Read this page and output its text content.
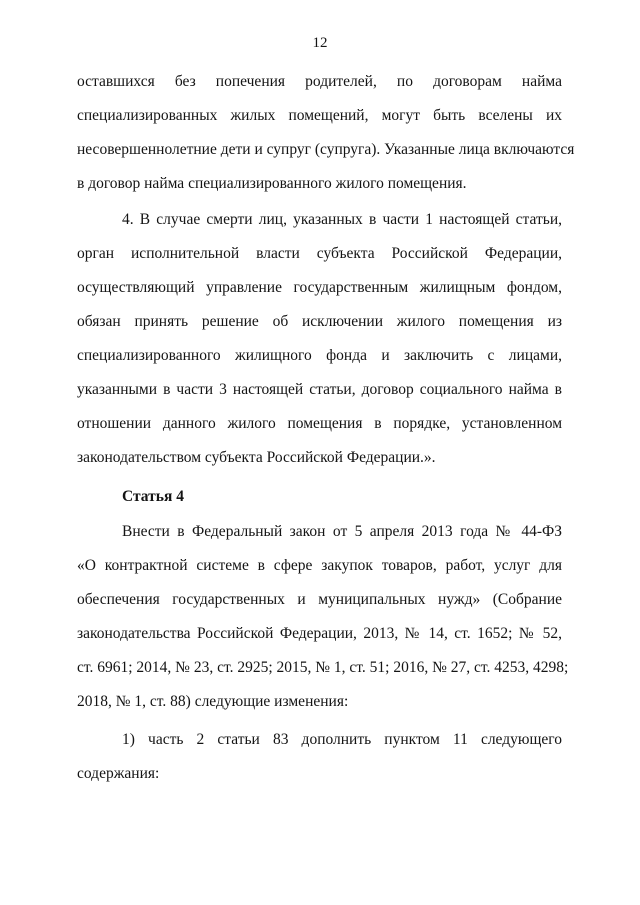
12
оставшихся без попечения родителей, по договорам найма
специализированных жилых помещений, могут быть вселены их
несовершеннолетние дети и супруг (супруга). Указанные лица включаются
в договор найма специализированного жилого помещения.
4. В случае смерти лиц, указанных в части 1 настоящей статьи,
орган исполнительной власти субъекта Российской Федерации,
осуществляющий управление государственным жилищным фондом,
обязан принять решение об исключении жилого помещения из
специализированного жилищного фонда и заключить с лицами,
указанными в части 3 настоящей статьи, договор социального найма в
отношении данного жилого помещения в порядке, установленном
законодательством субъекта Российской Федерации.».
Статья 4
Внести в Федеральный закон от 5 апреля 2013 года № 44-ФЗ
«О контрактной системе в сфере закупок товаров, работ, услуг для
обеспечения государственных и муниципальных нужд» (Собрание
законодательства Российской Федерации, 2013, № 14, ст. 1652; № 52,
ст. 6961; 2014, № 23, ст. 2925; 2015, № 1, ст. 51; 2016, № 27, ст. 4253, 4298;
2018, № 1, ст. 88) следующие изменения:
1) часть 2 статьи 83 дополнить пунктом 11 следующего
содержания:
